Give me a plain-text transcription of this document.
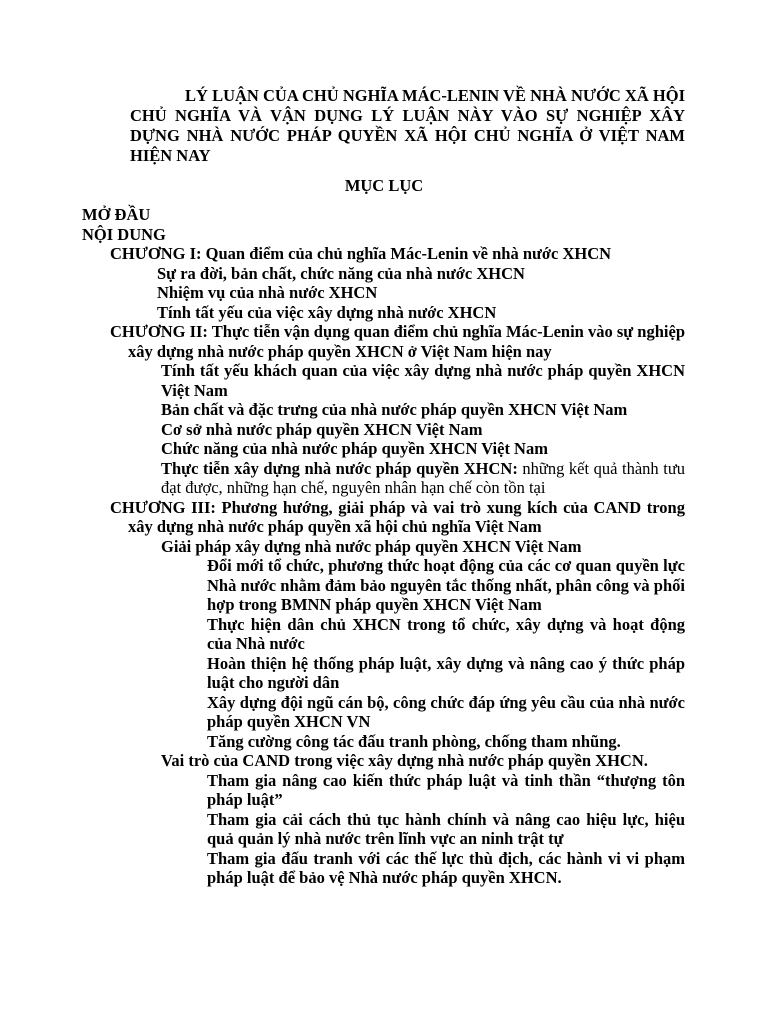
LÝ LUẬN CỦA CHỦ NGHĨA MÁC-LENIN VỀ NHÀ NƯỚC XÃ HỘI CHỦ NGHĨA VÀ VẬN DỤNG LÝ LUẬN NÀY VÀO SỰ NGHIỆP XÂY DỰNG NHÀ NƯỚC PHÁP QUYỀN XÃ HỘI CHỦ NGHĨA Ở VIỆT NAM HIỆN NAY
MỤC LỤC
MỞ ĐẦU
NỘI DUNG
CHƯƠNG I: Quan điểm của chủ nghĩa Mác-Lenin về nhà nước XHCN
Sự ra đời, bản chất, chức năng của nhà nước XHCN
Nhiệm vụ của nhà nước XHCN
Tính tất yếu của việc xây dựng nhà nước XHCN
CHƯƠNG II: Thực tiễn vận dụng quan điểm chủ nghĩa Mác-Lenin vào sự nghiệp xây dựng nhà nước pháp quyền XHCN ở Việt Nam hiện nay
Tính tất yếu khách quan của việc xây dựng nhà nước pháp quyền XHCN Việt Nam
Bản chất và đặc trưng của nhà nước pháp quyền XHCN Việt Nam
Cơ sở nhà nước pháp quyền XHCN Việt Nam
Chức năng của nhà nước pháp quyền XHCN Việt Nam
Thực tiễn xây dựng nhà nước pháp quyền XHCN: những kết quả thành tưu đạt được, những hạn chế, nguyên nhân hạn chế còn tồn tại
CHƯƠNG III: Phương hướng, giải pháp và vai trò xung kích của CAND trong xây dựng nhà nước pháp quyền xã hội chủ nghĩa Việt Nam
Giải pháp xây dựng nhà nước pháp quyền XHCN Việt Nam
Đổi mới tổ chức, phương thức hoạt động của các cơ quan quyền lực Nhà nước nhằm đảm bảo nguyên tắc thống nhất, phân công và phối hợp trong BMNN pháp quyền XHCN Việt Nam
Thực hiện dân chủ XHCN trong tổ chức, xây dựng và hoạt động của Nhà nước
Hoàn thiện hệ thống pháp luật, xây dựng và nâng cao ý thức pháp luật cho người dân
Xây dựng đội ngũ cán bộ, công chức đáp ứng yêu cầu của nhà nước pháp quyền XHCN VN
Tăng cường công tác đấu tranh phòng, chống tham nhũng.
Vai trò của CAND trong việc xây dựng nhà nước pháp quyền XHCN.
Tham gia nâng cao kiến thức pháp luật và tinh thần “thượng tôn pháp luật”
Tham gia cải cách thủ tục hành chính và nâng cao hiệu lực, hiệu quả quản lý nhà nước trên lĩnh vực an ninh trật tự
Tham gia đấu tranh với các thế lực thù địch, các hành vi vi phạm pháp luật để bảo vệ Nhà nước pháp quyền XHCN.
